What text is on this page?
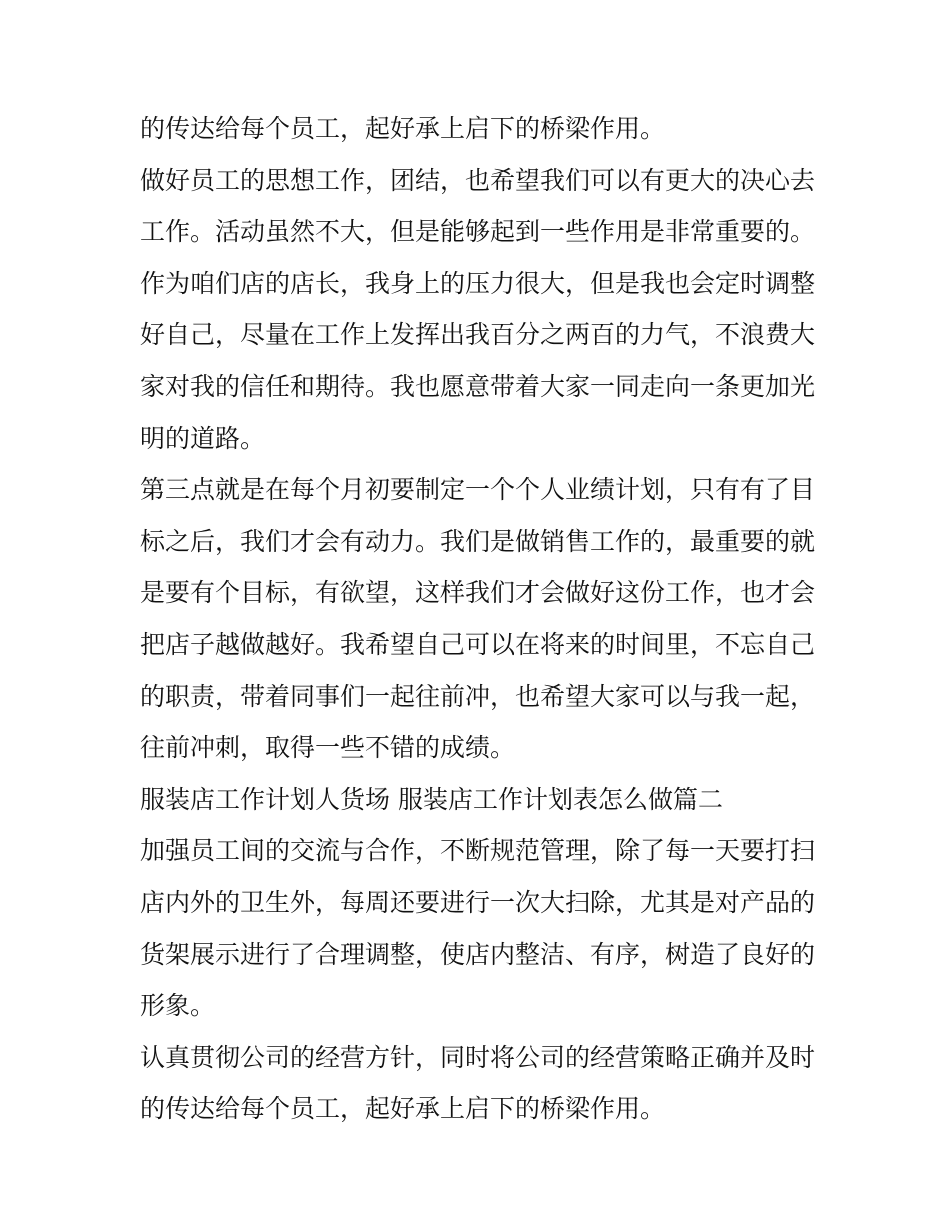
的传达给每个员工，起好承上启下的桥梁作用。
做好员工的思想工作，团结，也希望我们可以有更大的决心去
工作。活动虽然不大，但是能够起到一些作用是非常重要的。
作为咱们店的店长，我身上的压力很大，但是我也会定时调整
好自己，尽量在工作上发挥出我百分之两百的力气，不浪费大
家对我的信任和期待。我也愿意带着大家一同走向一条更加光
明的道路。
第三点就是在每个月初要制定一个个人业绩计划，只有有了目
标之后，我们才会有动力。我们是做销售工作的，最重要的就
是要有个目标，有欲望，这样我们才会做好这份工作，也才会
把店子越做越好。我希望自己可以在将来的时间里，不忘自己
的职责，带着同事们一起往前冲，也希望大家可以与我一起，
往前冲刺，取得一些不错的成绩。
服装店工作计划人货场 服装店工作计划表怎么做篇二
加强员工间的交流与合作，不断规范管理，除了每一天要打扫
店内外的卫生外，每周还要进行一次大扫除，尤其是对产品的
货架展示进行了合理调整，使店内整洁、有序，树造了良好的
形象。
认真贯彻公司的经营方针，同时将公司的经营策略正确并及时
的传达给每个员工，起好承上启下的桥梁作用。
